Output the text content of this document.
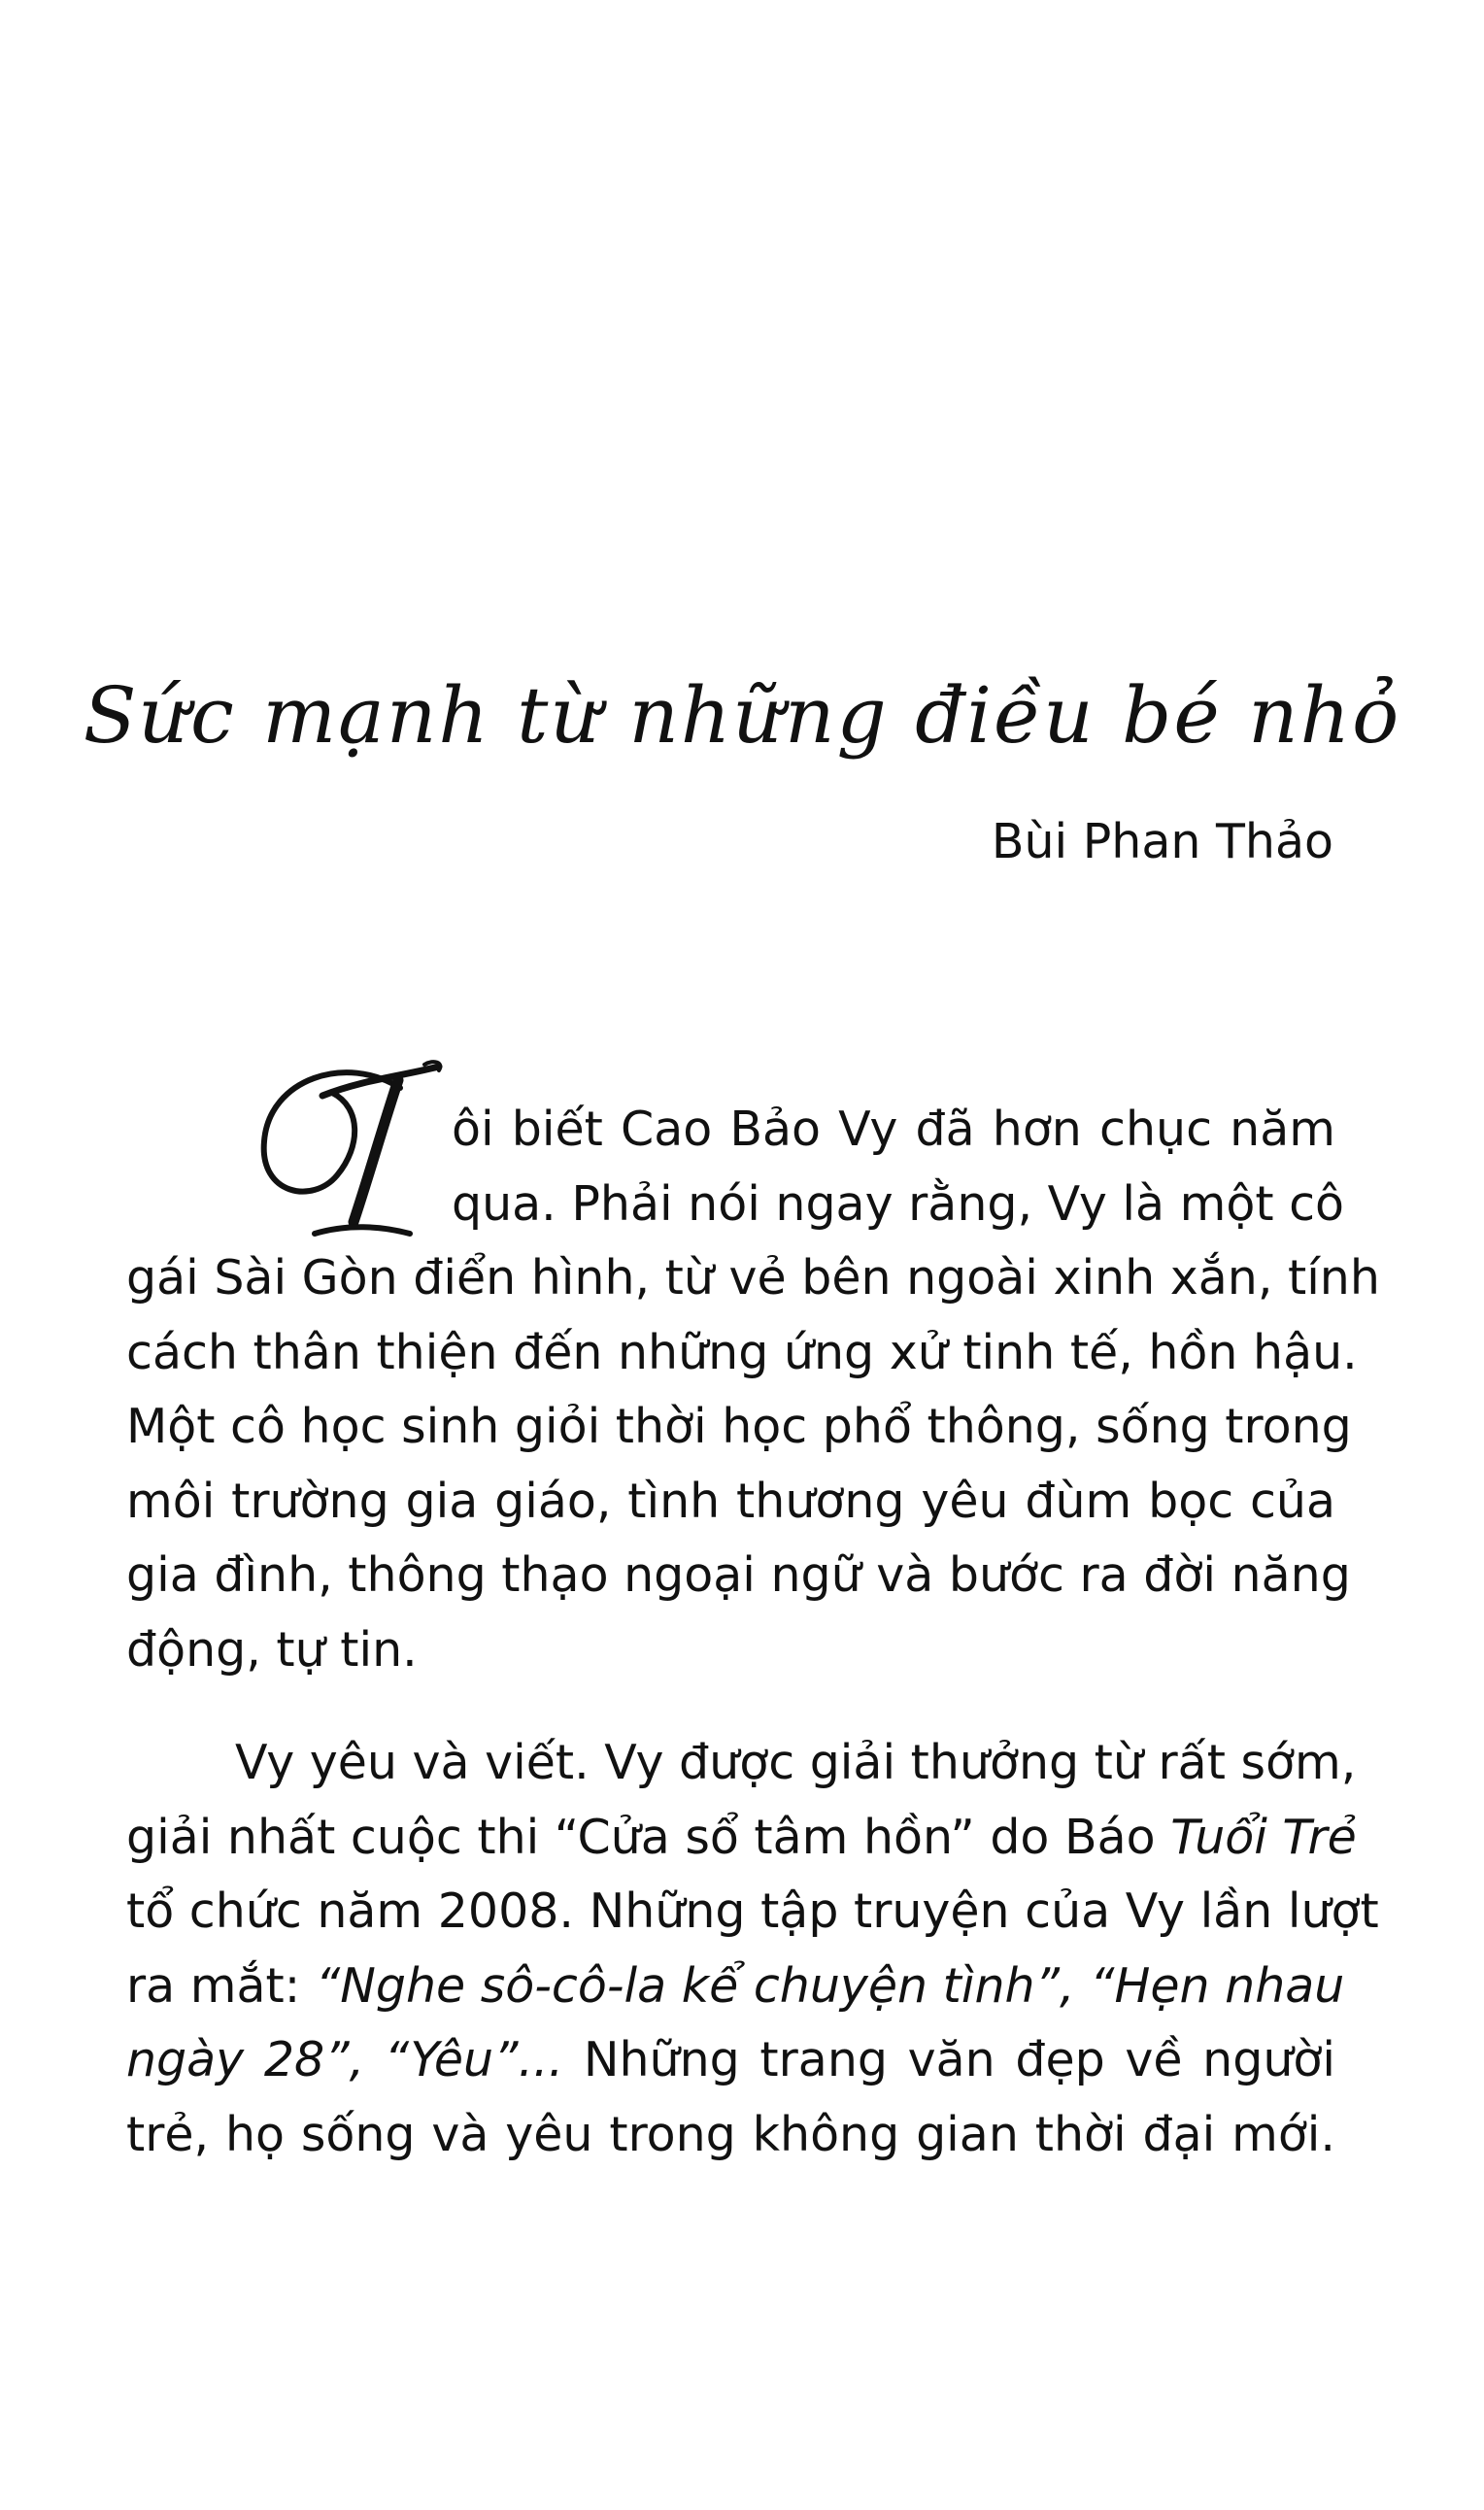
Sức mạnh từ những điều bé nhỏ

Bùi Phan Thảo

ôi biết Cao Bảo Vy đã hơn chục năm
qua. Phải nói ngay rằng, Vy là một cô
gái Sài Gòn điển hình, từ vẻ bên ngoài xinh xắn, tính
cách thân thiện đến những ứng xử tinh tế, hồn hậu.
Một cô học sinh giỏi thời học phổ thông, sống trong
môi trường gia giáo, tình thương yêu đùm bọc của
gia đình, thông thạo ngoại ngữ và bước ra đời năng
động, tự tin.

Vy yêu và viết. Vy được giải thưởng từ rất sớm,
giải nhất cuộc thi “Cửa sổ tâm hồn” do Báo Tuổi Trẻ
tổ chức năm 2008. Những tập truyện của Vy lần lượt
ra mắt: “Nghe sô-cô-la kể chuyện tình”, “Hẹn nhau
ngày 28”, “Yêu”... Những trang văn đẹp về người
trẻ, họ sống và yêu trong không gian thời đại mới.
